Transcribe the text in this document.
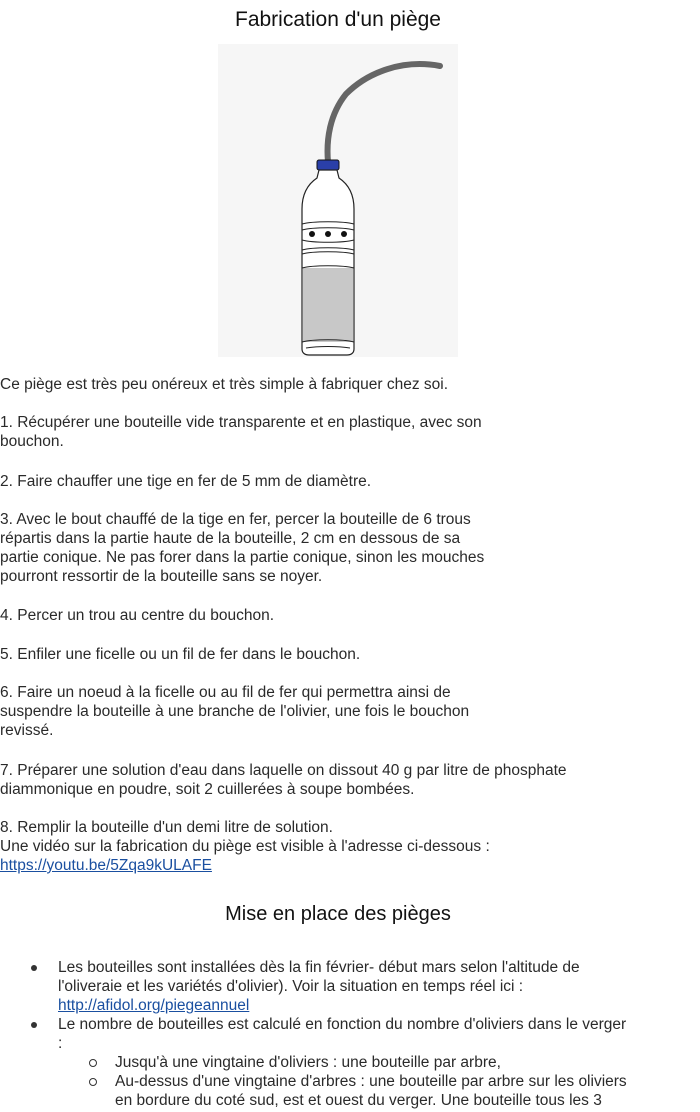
Fabrication d'un piège

Ce piège est très peu onéreux et très simple à fabriquer chez soi.

1. Récupérer une bouteille vide transparente et en plastique, avec son
bouchon.

2. Faire chauffer une tige en fer de 5 mm de diamètre.

3. Avec le bout chauffé de la tige en fer, percer la bouteille de 6 trous
répartis dans la partie haute de la bouteille, 2 cm en dessous de sa
partie conique. Ne pas forer dans la partie conique, sinon les mouches
pourront ressortir de la bouteille sans se noyer.

4. Percer un trou au centre du bouchon.

5. Enfiler une ficelle ou un fil de fer dans le bouchon.

6. Faire un noeud à la ficelle ou au fil de fer qui permettra ainsi de
suspendre la bouteille à une branche de l'olivier, une fois le bouchon
revissé.

7. Préparer une solution d'eau dans laquelle on dissout 40 g par litre de phosphate
diammonique en poudre, soit 2 cuillerées à soupe bombées.

8. Remplir la bouteille d'un demi litre de solution.
Une vidéo sur la fabrication du piège est visible à l'adresse ci-dessous :
https://youtu.be/5Zqa9kULAFE

Mise en place des pièges
Les bouteilles sont installées dès la fin février- début mars selon l'altitude de
l'oliveraie et les variétés d'olivier). Voir la situation en temps réel ici :
http://afidol.org/piegeannuel
Le nombre de bouteilles est calculé en fonction du nombre d'oliviers dans le verger
:
Jusqu'à une vingtaine d'oliviers : une bouteille par arbre,
Au-dessus d'une vingtaine d'arbres : une bouteille par arbre sur les oliviers
en bordure du coté sud, est et ouest du verger. Une bouteille tous les 3
